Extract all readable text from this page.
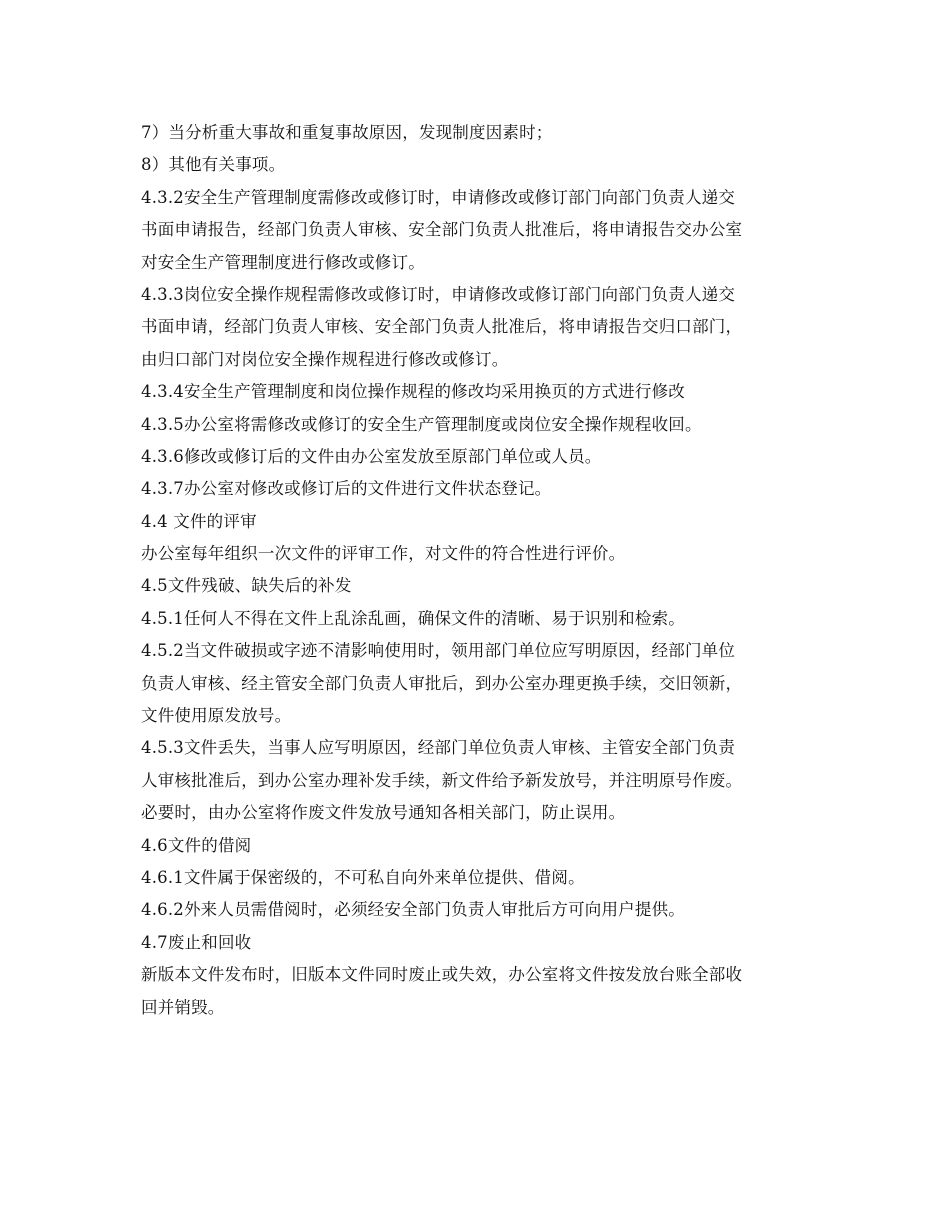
7）当分析重大事故和重复事故原因，发现制度因素时；
8）其他有关事项。
4.3.2安全生产管理制度需修改或修订时，申请修改或修订部门向部门负责人递交
书面申请报告，经部门负责人审核、安全部门负责人批准后，将申请报告交办公室
对安全生产管理制度进行修改或修订。
4.3.3岗位安全操作规程需修改或修订时，申请修改或修订部门向部门负责人递交
书面申请，经部门负责人审核、安全部门负责人批准后，将申请报告交归口部门，
由归口部门对岗位安全操作规程进行修改或修订。
4.3.4安全生产管理制度和岗位操作规程的修改均采用换页的方式进行修改
4.3.5办公室将需修改或修订的安全生产管理制度或岗位安全操作规程收回。
4.3.6修改或修订后的文件由办公室发放至原部门单位或人员。
4.3.7办公室对修改或修订后的文件进行文件状态登记。
4.4 文件的评审
办公室每年组织一次文件的评审工作，对文件的符合性进行评价。
4.5文件残破、缺失后的补发
4.5.1任何人不得在文件上乱涂乱画，确保文件的清晰、易于识别和检索。
4.5.2当文件破损或字迹不清影响使用时，领用部门单位应写明原因，经部门单位
负责人审核、经主管安全部门负责人审批后，到办公室办理更换手续，交旧领新，
文件使用原发放号。
4.5.3文件丢失，当事人应写明原因，经部门单位负责人审核、主管安全部门负责
人审核批准后，到办公室办理补发手续，新文件给予新发放号，并注明原号作废。
必要时，由办公室将作废文件发放号通知各相关部门，防止误用。
4.6文件的借阅
4.6.1文件属于保密级的，不可私自向外来单位提供、借阅。
4.6.2外来人员需借阅时，必须经安全部门负责人审批后方可向用户提供。
4.7废止和回收
新版本文件发布时，旧版本文件同时废止或失效，办公室将文件按发放台账全部收
回并销毁。
